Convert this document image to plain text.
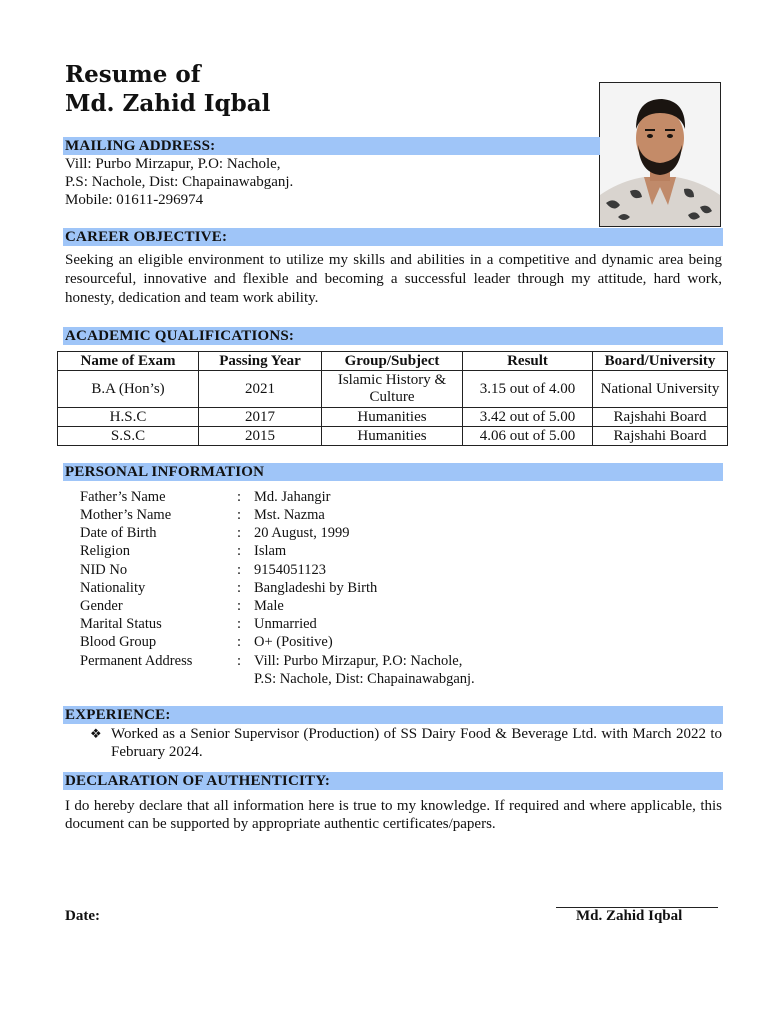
Resume of
Md. Zahid Iqbal
MAILING ADDRESS:
Vill: Purbo Mirzapur, P.O: Nachole,
P.S: Nachole, Dist: Chapainawabganj.
Mobile: 01611-296974
CAREER OBJECTIVE:
Seeking an eligible environment to utilize my skills and abilities in a competitive and dynamic area being resourceful, innovative and flexible and becoming a successful leader through my attitude, hard work, honesty, dedication and team work ability.
ACADEMIC QUALIFICATIONS:
Name of Exam	Passing Year	Group/Subject	Result	Board/University
B.A (Hon’s)	2021	Islamic History & Culture	3.15 out of 4.00	National University
H.S.C	2017	Humanities	3.42 out of 5.00	Rajshahi Board
S.S.C	2015	Humanities	4.06 out of 5.00	Rajshahi Board
PERSONAL INFORMATION
Father’s Name	: Md. Jahangir
Mother’s Name	: Mst. Nazma
Date of Birth	: 20 August, 1999
Religion	: Islam
NID No	: 9154051123
Nationality	: Bangladeshi by Birth
Gender	: Male
Marital Status	: Unmarried
Blood Group	: O+ (Positive)
Permanent Address	: Vill: Purbo Mirzapur, P.O: Nachole,
P.S: Nachole, Dist: Chapainawabganj.
EXPERIENCE:
❖ Worked as a Senior Supervisor (Production) of SS Dairy Food & Beverage Ltd. with March 2022 to February 2024.
DECLARATION OF AUTHENTICITY:
I do hereby declare that all information here is true to my knowledge. If required and where applicable, this document can be supported by appropriate authentic certificates/papers.
Date:	Md. Zahid Iqbal
